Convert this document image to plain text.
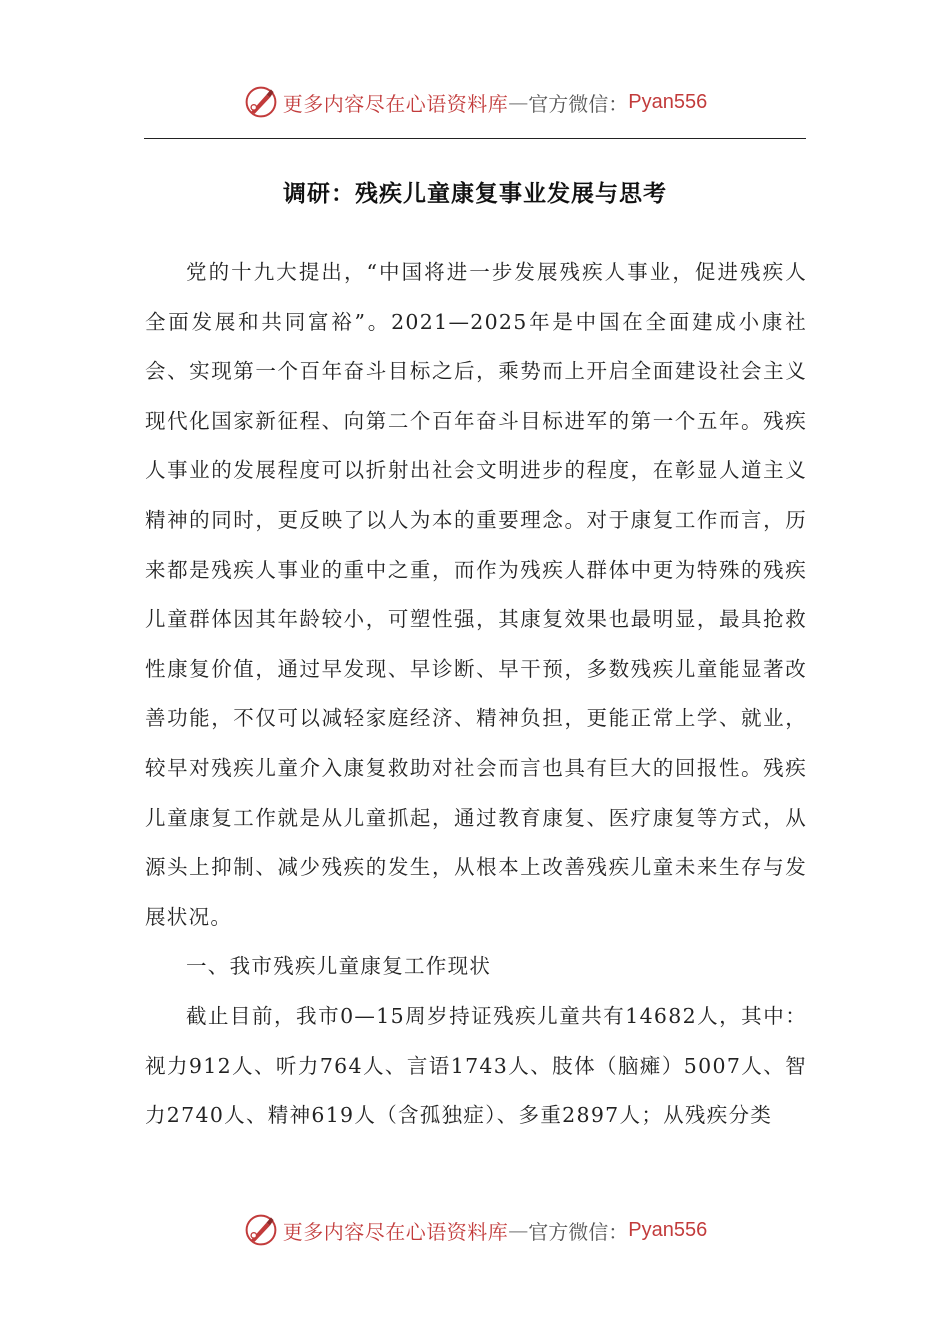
更多内容尽在心语资料库 — 官方微信： Pyan556
调研：残疾儿童康复事业发展与思考

党的十九大提出，“中国将进一步发展残疾人事业，促进残疾人全面发展和共同富裕”。2021—2025年是中国在全面建成小康社会、实现第一个百年奋斗目标之后，乘势而上开启全面建设社会主义现代化国家新征程、向第二个百年奋斗目标进军的第一个五年。残疾人事业的发展程度可以折射出社会文明进步的程度，在彰显人道主义精神的同时，更反映了以人为本的重要理念。对于康复工作而言，历来都是残疾人事业的重中之重，而作为残疾人群体中更为特殊的残疾儿童群体因其年龄较小，可塑性强，其康复效果也最明显，最具抢救性康复价值，通过早发现、早诊断、早干预，多数残疾儿童能显著改善功能，不仅可以减轻家庭经济、精神负担，更能正常上学、就业，较早对残疾儿童介入康复救助对社会而言也具有巨大的回报性。残疾儿童康复工作就是从儿童抓起，通过教育康复、医疗康复等方式，从源头上抑制、减少残疾的发生，从根本上改善残疾儿童未来生存与发展状况。

一、我市残疾儿童康复工作现状

截止目前，我市0—15周岁持证残疾儿童共有14682人，其中：视力912人、听力764人、言语1743人、肢体（脑瘫）5007人、智力2740人、精神619人（含孤独症）、多重2897人；从残疾分类

更多内容尽在心语资料库 — 官方微信： Pyan556
